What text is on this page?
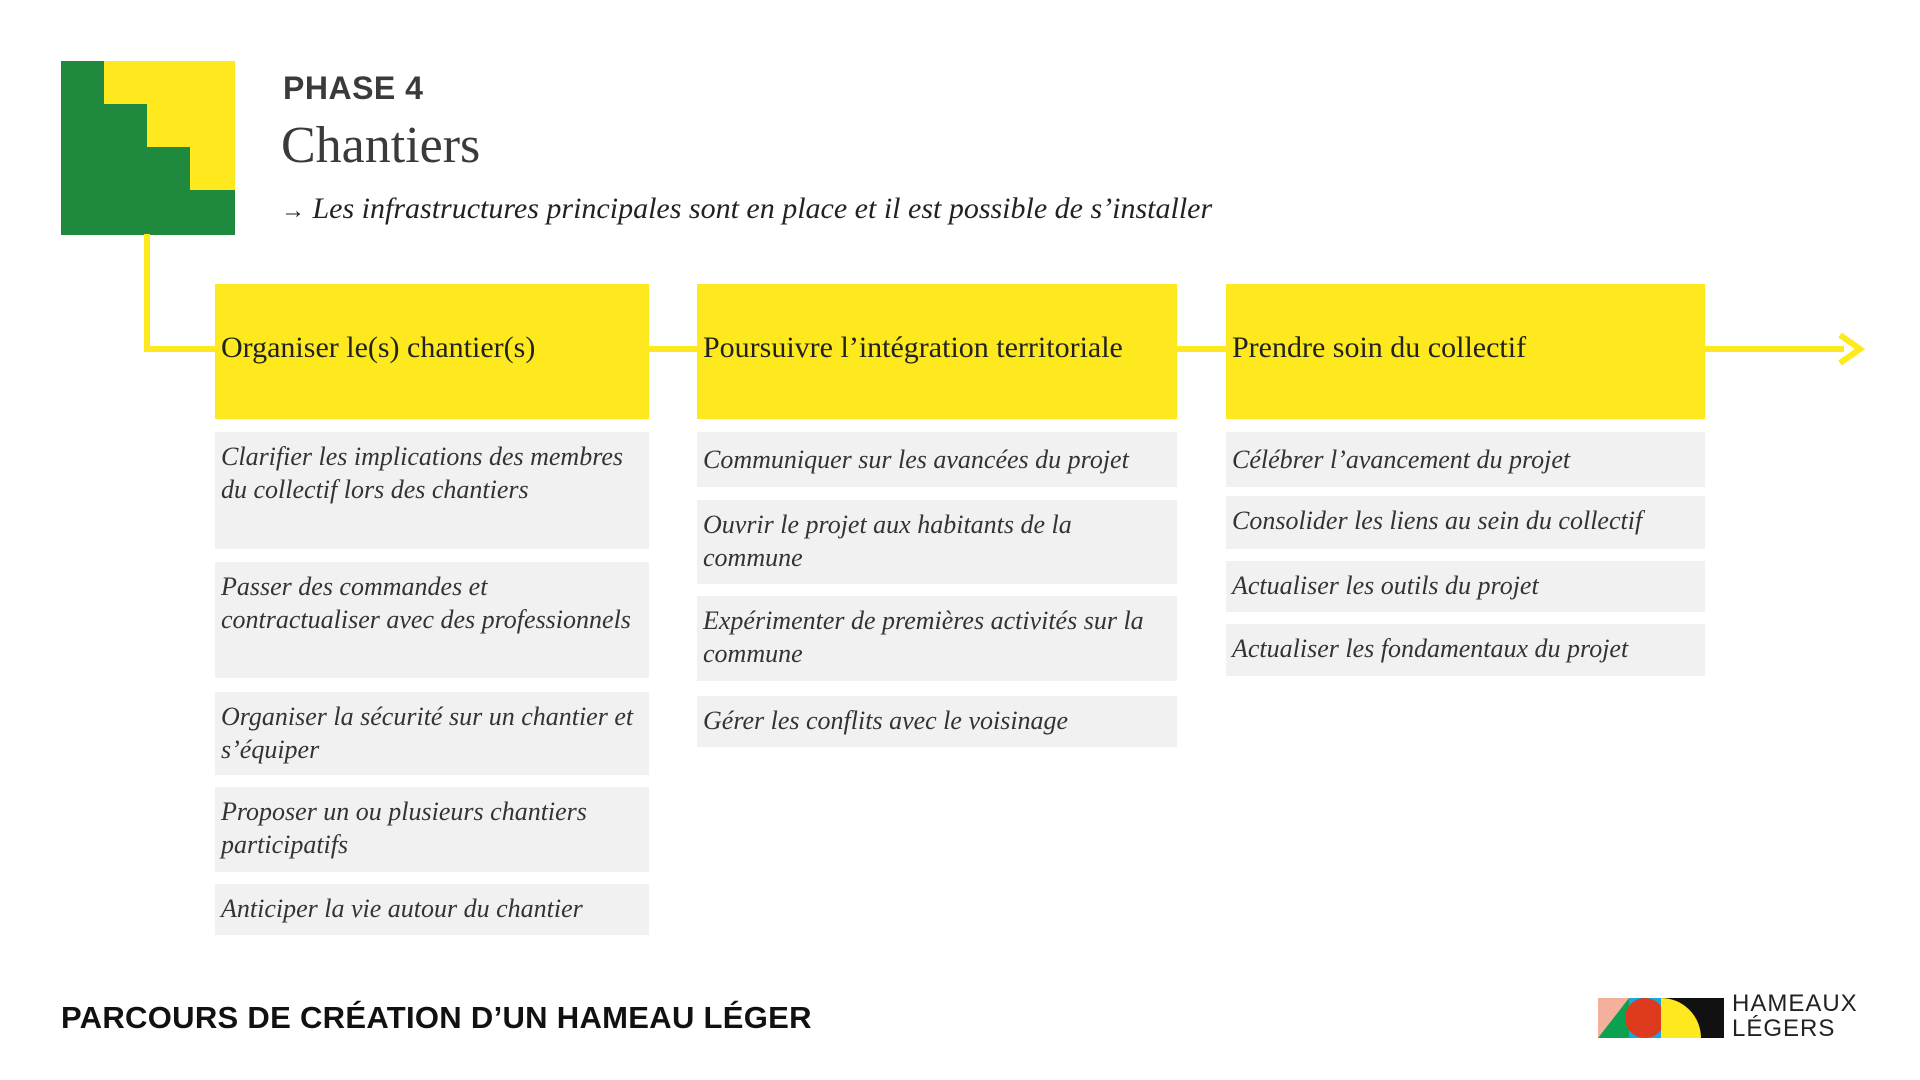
PHASE 4
Chantiers
→ Les infrastructures principales sont en place et il est possible de s’installer
Organiser le(s) chantier(s)	Poursuivre l’intégration territoriale	Prendre soin du collectif
Clarifier les implications des membres du collectif lors des chantiers
Passer des commandes et contractualiser avec des professionnels
Organiser la sécurité sur un chantier et s’équiper
Proposer un ou plusieurs chantiers participatifs
Anticiper la vie autour du chantier
Communiquer sur les avancées du projet
Ouvrir le projet aux habitants de la commune
Expérimenter de premières activités sur la commune
Gérer les conflits avec le voisinage
Célébrer l’avancement du projet
Consolider les liens au sein du collectif
Actualiser les outils du projet
Actualiser les fondamentaux du projet
PARCOURS DE CRÉATION D’UN HAMEAU LÉGER	HAMEAUX
LÉGERS
